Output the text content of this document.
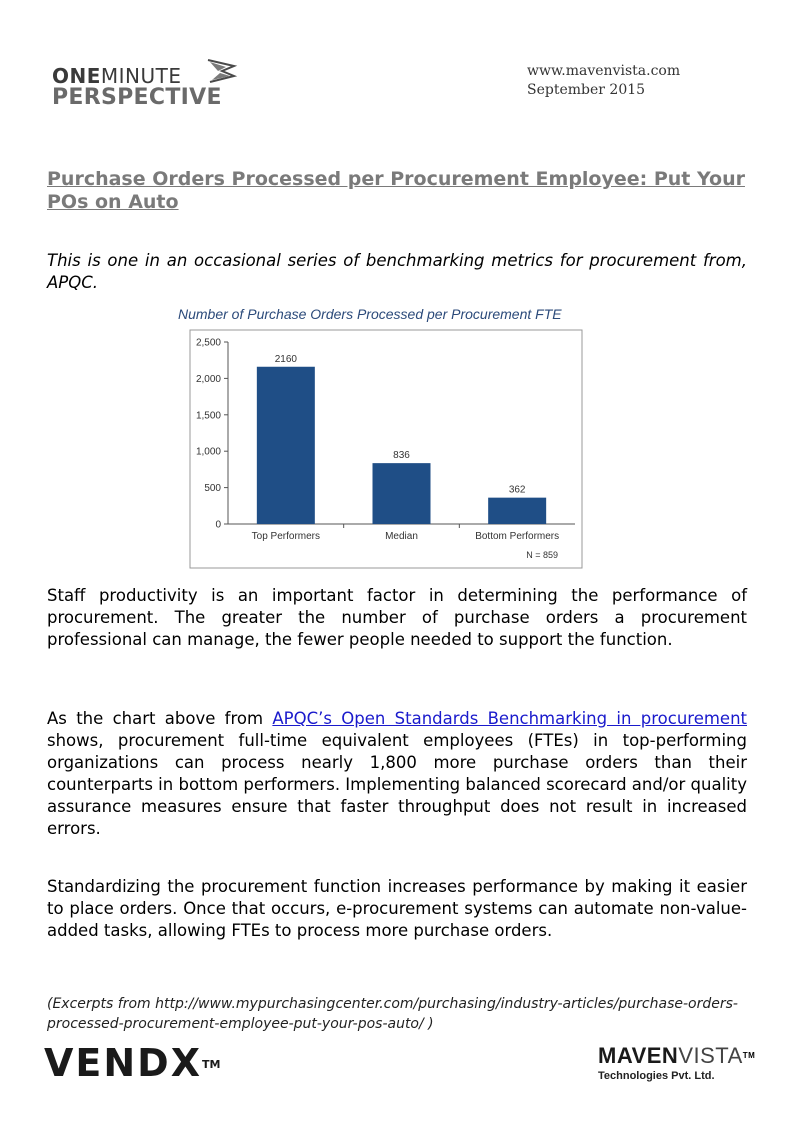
ONEMINUTE
PERSPECTIVE
www.mavenvista.com
September 2015
Purchase Orders Processed per Procurement Employee: Put Your POs on Auto
This is one in an occasional series of benchmarking metrics for procurement from, APQC.
0
500
1,000
1,500
2,000
2,500
2160
Top Performers
836
Median
362
Bottom Performers
N = 859
Number of Purchase Orders Processed per Procurement FTE
Staff productivity is an important factor in determining the performance of procurement. The greater the number of purchase orders a procurement professional can manage, the fewer people needed to support the function.
As the chart above from APQC’s Open Standards Benchmarking in procurement shows, procurement full-time equivalent employees (FTEs) in top-performing organizations can process nearly 1,800 more purchase orders than their counterparts in bottom performers. Implementing balanced scorecard and/or quality assurance measures ensure that faster throughput does not result in increased errors.
Standardizing the procurement function increases performance by making it easier to place orders. Once that occurs, e-procurement systems can automate non-value-added tasks, allowing FTEs to process more purchase orders.
(Excerpts from http://www.mypurchasingcenter.com/purchasing/industry-articles/purchase-orders-processed-procurement-employee-put-your-pos-auto/ )
VENDX™	MAVENVISTA™
Technologies Pvt. Ltd.
